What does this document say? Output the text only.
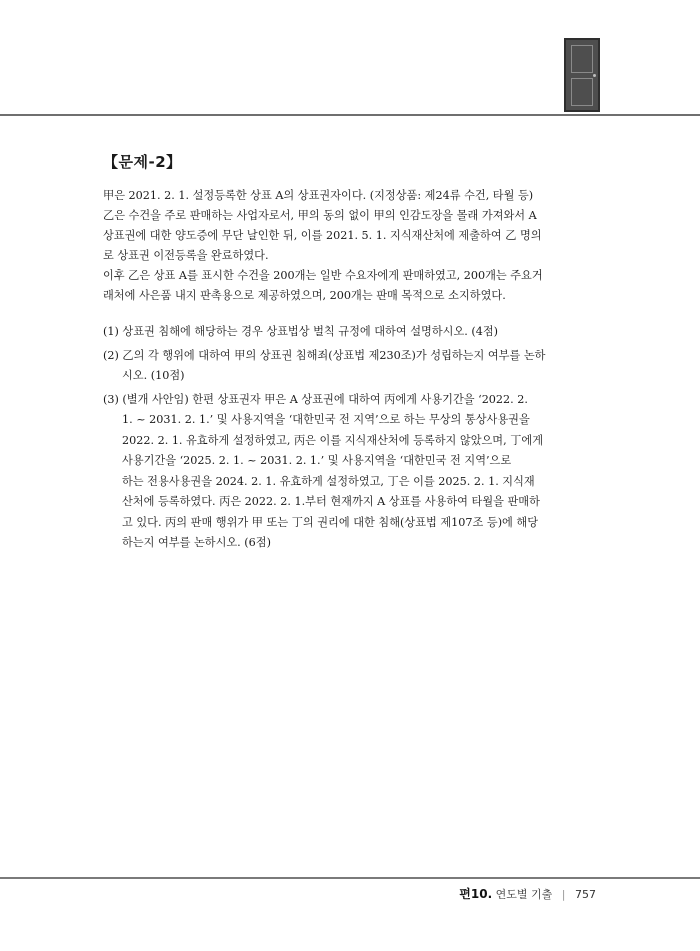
【문제-2】
甲은 2021. 2. 1. 설정등록한 상표 A의 상표권자이다. (지정상품: 제24류 수건, 타월 등)
乙은 수건을 주로 판매하는 사업자로서, 甲의 동의 없이 甲의 인감도장을 몰래 가져와서 A
상표권에 대한 양도증에 무단 날인한 뒤, 이를 2021. 5. 1. 지식재산처에 제출하여 乙 명의
로 상표권 이전등록을 완료하였다.
이후 乙은 상표 A를 표시한 수건을 200개는 일반 수요자에게 판매하였고, 200개는 주요거
래처에 사은품 내지 판촉용으로 제공하였으며, 200개는 판매 목적으로 소지하였다.
(1) 상표권 침해에 해당하는 경우 상표법상 벌칙 규정에 대하여 설명하시오. (4점)
(2) 乙의 각 행위에 대하여 甲의 상표권 침해죄(상표법 제230조)가 성립하는지 여부를 논하
시오. (10점)
(3) (별개 사안임) 한편 상표권자 甲은 A 상표권에 대하여 丙에게 사용기간을 ‘2022. 2.
1. ~ 2031. 2. 1.’ 및 사용지역을 ‘대한민국 전 지역’으로 하는 무상의 통상사용권을
2022. 2. 1. 유효하게 설정하였고, 丙은 이를 지식재산처에 등록하지 않았으며, 丁에게
사용기간을 ‘2025. 2. 1. ~ 2031. 2. 1.’ 및 사용지역을 ‘대한민국 전 지역’으로
하는 전용사용권을 2024. 2. 1. 유효하게 설정하였고, 丁은 이를 2025. 2. 1. 지식재
산처에 등록하였다. 丙은 2022. 2. 1.부터 현재까지 A 상표를 사용하여 타월을 판매하
고 있다. 丙의 판매 행위가 甲 또는 丁의 권리에 대한 침해(상표법 제107조 등)에 해당
하는지 여부를 논하시오. (6점)
편10. 연도별 기출 | 757
